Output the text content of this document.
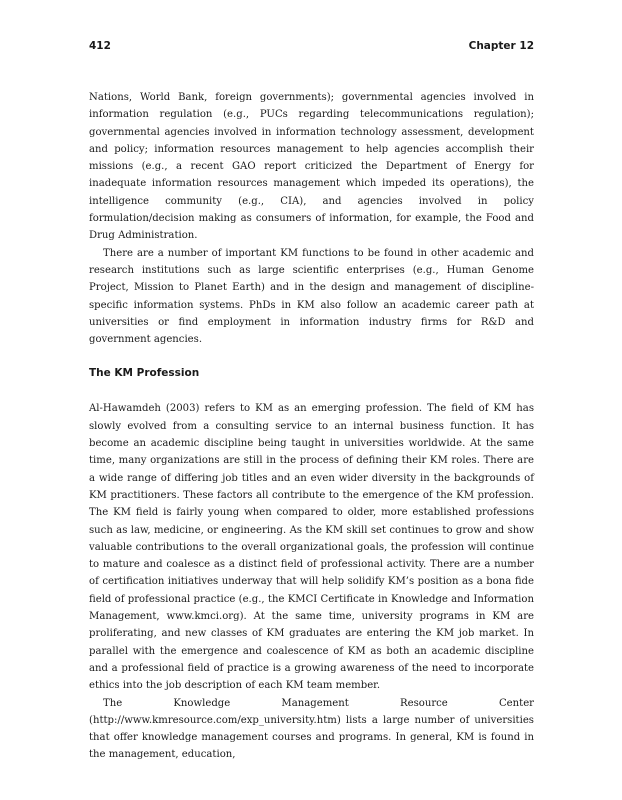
412	Chapter 12

Nations, World Bank, foreign governments); governmental agencies involved in information regulation (e.g., PUCs regarding telecommunications regulation); governmental agencies involved in information technology assessment, development and policy; information resources management to help agencies accomplish their missions (e.g., a recent GAO report criticized the Department of Energy for inadequate information resources management which impeded its operations), the intelligence community (e.g., CIA), and agencies involved in policy formulation/decision making as consumers of information, for example, the Food and Drug Administration.

There are a number of important KM functions to be found in other academic and research institutions such as large scientific enterprises (e.g., Human Genome Project, Mission to Planet Earth) and in the design and management of discipline-specific information systems. PhDs in KM also follow an academic career path at universities or find employment in information industry firms for R&D and government agencies.

The KM Profession

Al-Hawamdeh (2003) refers to KM as an emerging profession. The field of KM has slowly evolved from a consulting service to an internal business function. It has become an academic discipline being taught in universities worldwide. At the same time, many organizations are still in the process of defining their KM roles. There are a wide range of differing job titles and an even wider diversity in the backgrounds of KM practitioners. These factors all contribute to the emergence of the KM profession. The KM field is fairly young when compared to older, more established professions such as law, medicine, or engineering. As the KM skill set continues to grow and show valuable contributions to the overall organizational goals, the profession will continue to mature and coalesce as a distinct field of professional activity. There are a number of certification initiatives underway that will help solidify KM’s position as a bona fide field of professional practice (e.g., the KMCI Certificate in Knowledge and Information Management, www.kmci.org). At the same time, university programs in KM are proliferating, and new classes of KM graduates are entering the KM job market. In parallel with the emergence and coalescence of KM as both an academic discipline and a professional field of practice is a growing awareness of the need to incorporate ethics into the job description of each KM team member.

The Knowledge Management Resource Center (http://www.kmresource.com/exp_university.htm) lists a large number of universities that offer knowledge management courses and programs. In general, KM is found in the management, education,
